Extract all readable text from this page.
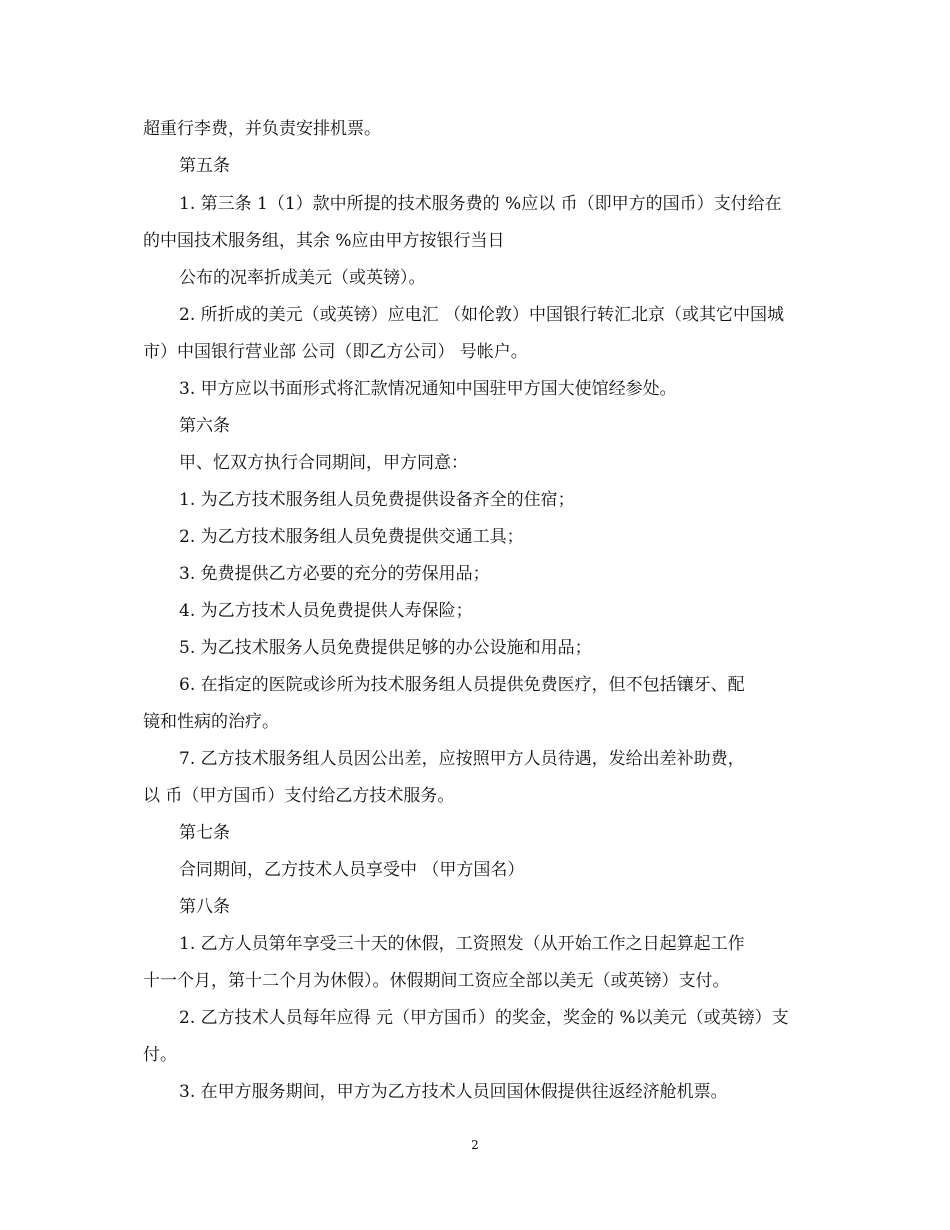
超重行李费，并负责安排机票。
第五条
1. 第三条 1（1）款中所提的技术服务费的 %应以 币（即甲方的国币）支付给在
的中国技术服务组，其余 %应由甲方按银行当日
公布的况率折成美元（或英镑）。
2. 所折成的美元（或英镑）应电汇 （如伦敦）中国银行转汇北京（或其它中国城
市）中国银行营业部 公司（即乙方公司） 号帐户。
3. 甲方应以书面形式将汇款情况通知中国驻甲方国大使馆经参处。
第六条
甲、忆双方执行合同期间，甲方同意：
1. 为乙方技术服务组人员免费提供设备齐全的住宿；
2. 为乙方技术服务组人员免费提供交通工具；
3. 免费提供乙方必要的充分的劳保用品；
4. 为乙方技术人员免费提供人寿保险；
5. 为乙技术服务人员免费提供足够的办公设施和用品；
6. 在指定的医院或诊所为技术服务组人员提供免费医疗，但不包括镶牙、配
镜和性病的治疗。
7. 乙方技术服务组人员因公出差，应按照甲方人员待遇，发给出差补助费，
以 币（甲方国币）支付给乙方技术服务。
第七条
合同期间，乙方技术人员享受中 （甲方国名）
第八条
1. 乙方人员第年享受三十天的休假，工资照发（从开始工作之日起算起工作
十一个月，第十二个月为休假）。休假期间工资应全部以美无（或英镑）支付。
2. 乙方技术人员每年应得 元（甲方国币）的奖金，奖金的 %以美元（或英镑）支
付。
3. 在甲方服务期间，甲方为乙方技术人员回国休假提供往返经济舱机票。
2
